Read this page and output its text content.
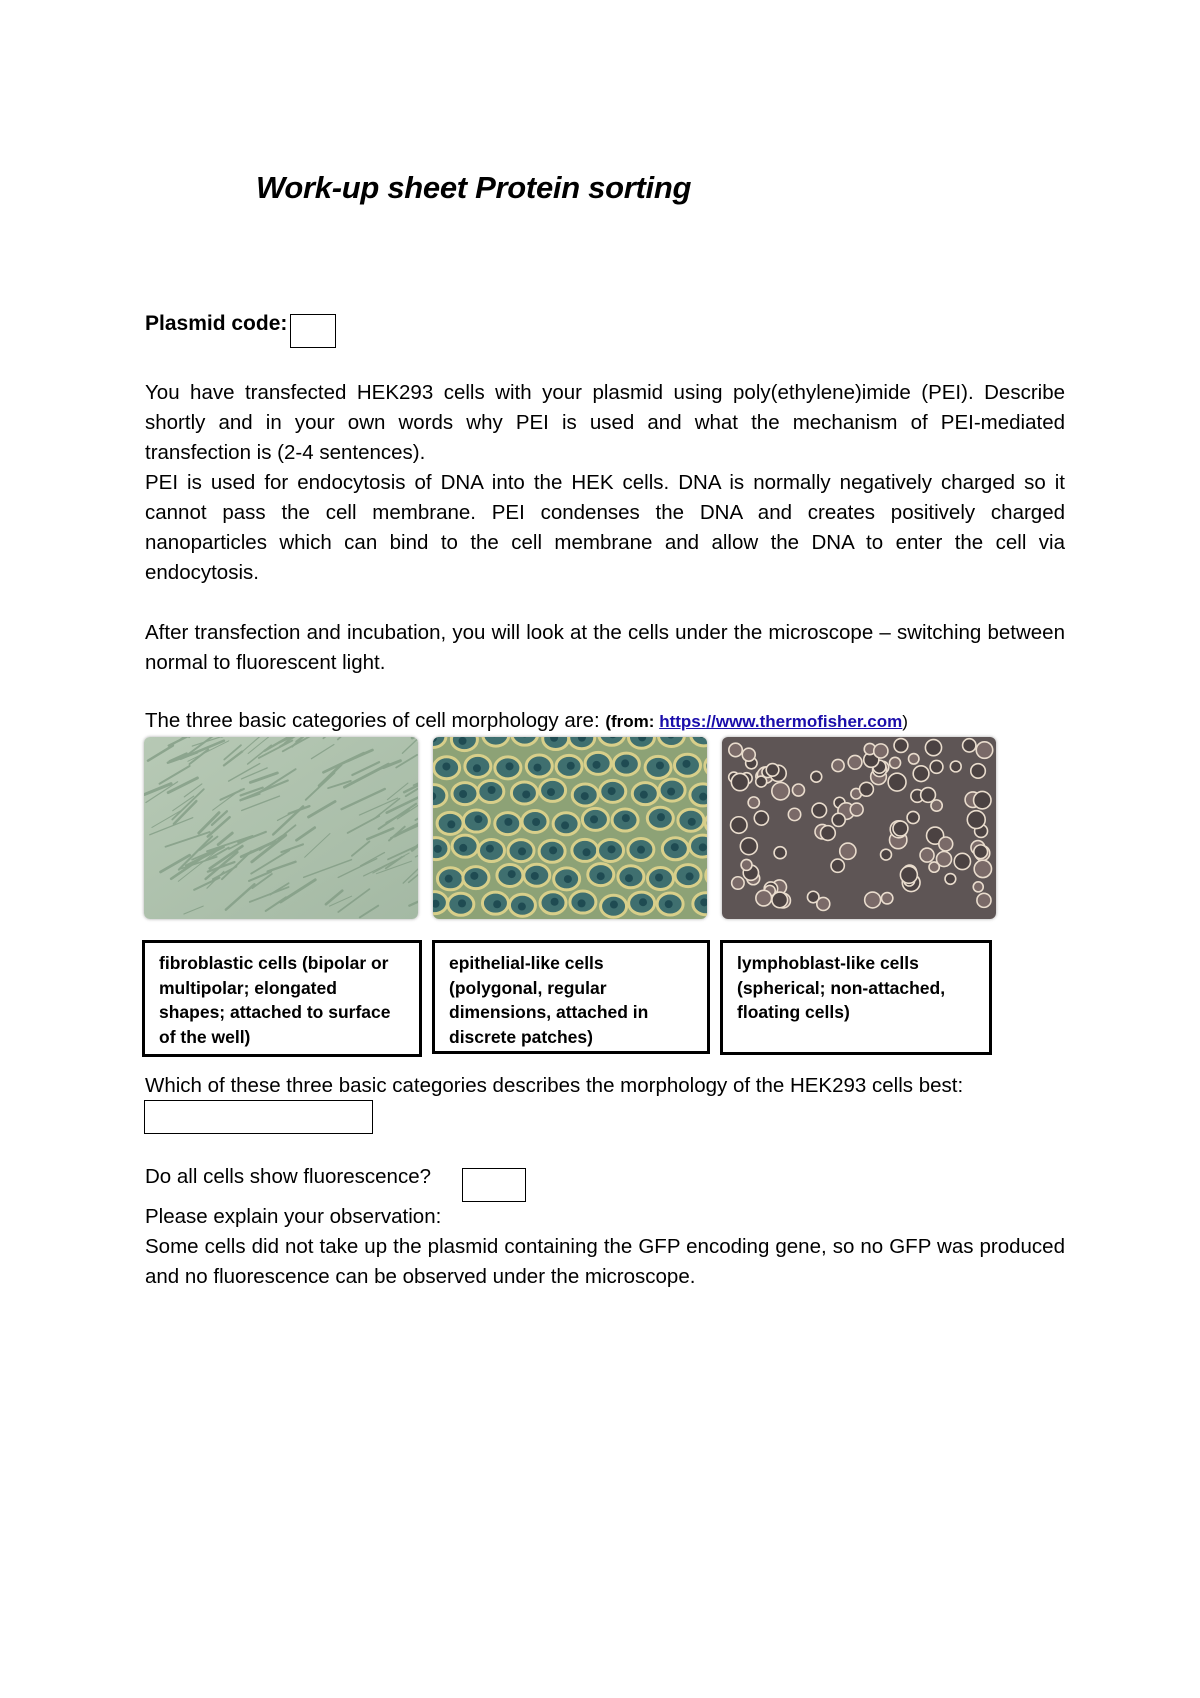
Work-up sheet Protein sorting
Plasmid code:
You have transfected HEK293 cells with your plasmid using poly(ethylene)imide (PEI). Describe shortly and in your own words why PEI is used and what the mechanism of PEI-mediated transfection is (2-4 sentences).
PEI is used for endocytosis of DNA into the HEK cells. DNA is normally negatively charged so it cannot pass the cell membrane. PEI condenses the DNA and creates positively charged nanoparticles which can bind to the cell membrane and allow the DNA to enter the cell via endocytosis.
After transfection and incubation, you will look at the cells under the microscope – switching between normal to fluorescent light.
The three basic categories of cell morphology are: (from: https://www.thermofisher.com)
fibroblastic cells (bipolar or multipolar; elongated shapes; attached to surface of the well)
epithelial-like cells (polygonal, regular dimensions, attached in discrete patches)
lymphoblast-like cells (spherical; non-attached, floating cells)
Which of these three basic categories describes the morphology of the HEK293 cells best:
Do all cells show fluorescence?
Please explain your observation:
Some cells did not take up the plasmid containing the GFP encoding gene, so no GFP was produced and no fluorescence can be observed under the microscope.
